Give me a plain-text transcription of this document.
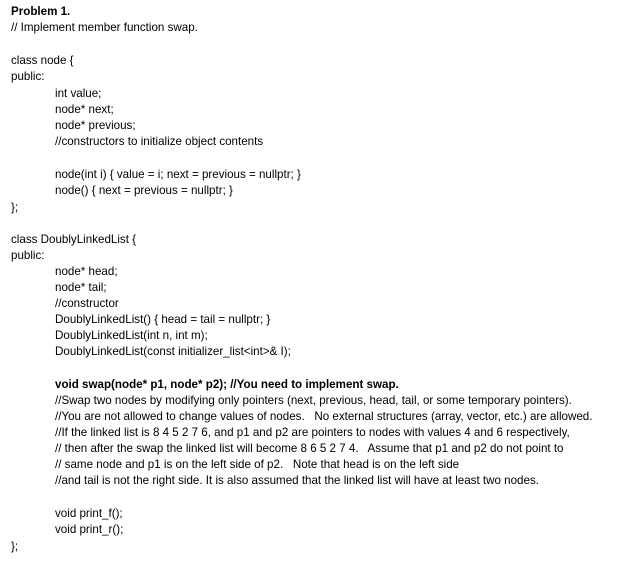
Problem 1.
// Implement member function swap.
class node {
public:
int value;
node* next;
node* previous;
//constructors to initialize object contents
node(int i) { value = i; next = previous = nullptr; }
node() { next = previous = nullptr; }
};
class DoublyLinkedList {
public:
node* head;
node* tail;
//constructor
DoublyLinkedList() { head = tail = nullptr; }
DoublyLinkedList(int n, int m);
DoublyLinkedList(const initializer_list<int>& I);
void swap(node* p1, node* p2); //You need to implement swap.
//Swap two nodes by modifying only pointers (next, previous, head, tail, or some temporary pointers).
//You are not allowed to change values of nodes.   No external structures (array, vector, etc.) are allowed.
//If the linked list is 8 4 5 2 7 6, and p1 and p2 are pointers to nodes with values 4 and 6 respectively,
// then after the swap the linked list will become 8 6 5 2 7 4.   Assume that p1 and p2 do not point to
// same node and p1 is on the left side of p2.   Note that head is on the left side
//and tail is not the right side. It is also assumed that the linked list will have at least two nodes.
void print_f();
void print_r();
};
